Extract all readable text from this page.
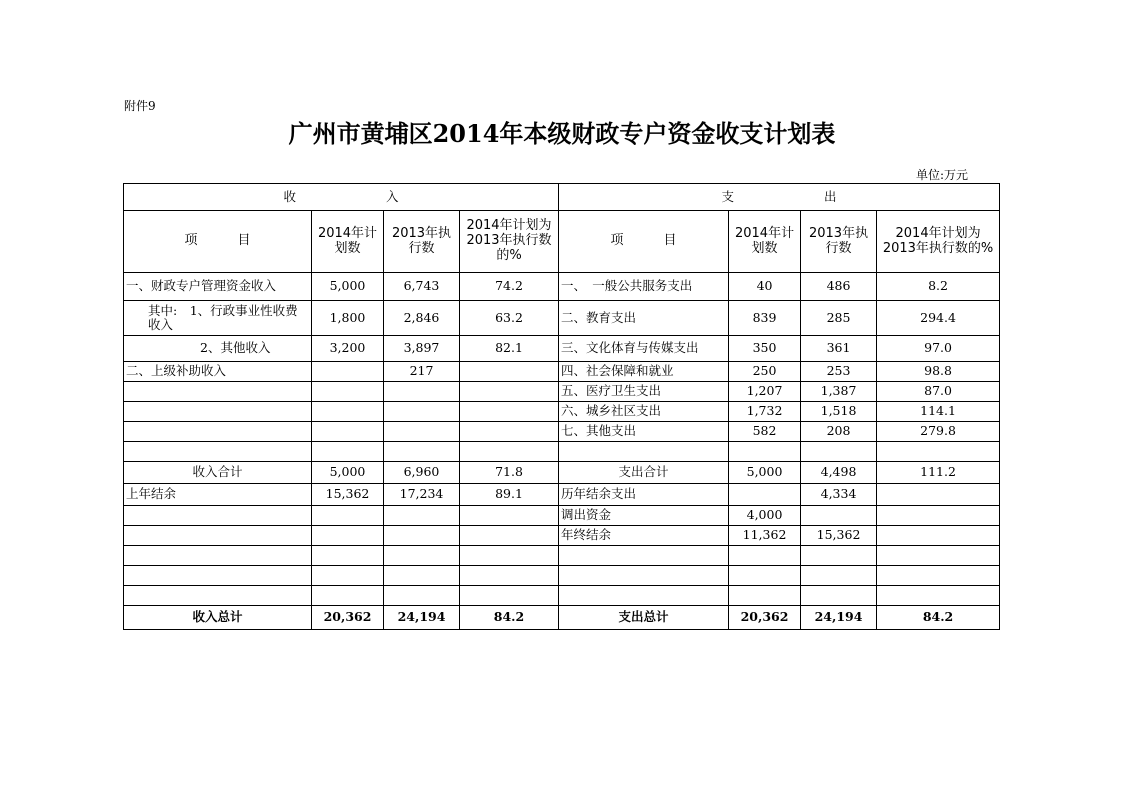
附件9
广州市黄埔区2014年本级财政专户资金收支计划表
单位:万元
收 入				支 出			
项 目	2014年计划数	2013年执行数	2014年计划为2013年执行数的%	项 目	2014年计划数	2013年执行数	2014年计划为2013年执行数的%
一、财政专户管理资金收入	5,000	6,743	74.2	一、　一般公共服务支出	40	486	8.2
其中:　1、行政事业性收费收入	1,800	2,846	63.2	二、教育支出	839	285	294.4
2、其他收入	3,200	3,897	82.1	三、文化体育与传媒支出	350	361	97.0
二、上级补助收入		217		四、社会保障和就业	250	253	98.8
				五、医疗卫生支出	1,207	1,387	87.0
				六、城乡社区支出	1,732	1,518	114.1
				七、其他支出	582	208	279.8

收入合计	5,000	6,960	71.8	支出合计	5,000	4,498	111.2
上年结余	15,362	17,234	89.1	历年结余支出		4,334	
				调出资金	4,000		
				年终结余	11,362	15,362	

收入总计	20,362	24,194	84.2	支出总计	20,362	24,194	84.2
